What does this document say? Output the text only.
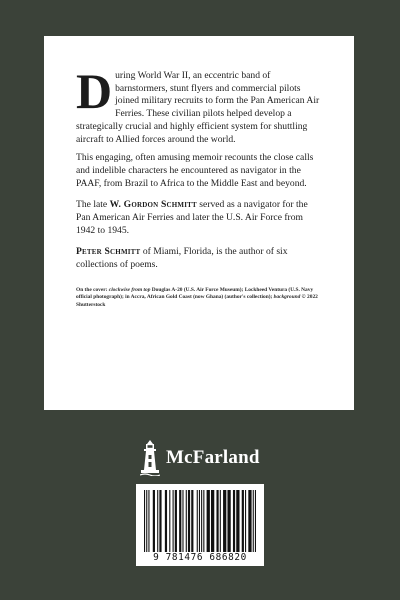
During World War II, an eccentric band of barnstormers, stunt flyers and commercial pilots joined military recruits to form the Pan American Air Ferries. These civilian pilots helped develop a strategically crucial and highly efficient system for shuttling aircraft to Allied forces around the world.

This engaging, often amusing memoir recounts the close calls and indelible characters he encountered as navigator in the PAAF, from Brazil to Africa to the Middle East and beyond.

The late W. Gordon Schmitt served as a navigator for the Pan American Air Ferries and later the U.S. Air Force from 1942 to 1945.

Peter Schmitt of Miami, Florida, is the author of six collections of poems.

On the cover: clockwise from top Douglas A-20 (U.S. Air Force Museum); Lockheed Ventura (U.S. Navy official photograph); in Accra, African Gold Coast (now Ghana) (author's collection); background © 2022 Shutterstock

McFarland
9 781476 686820
